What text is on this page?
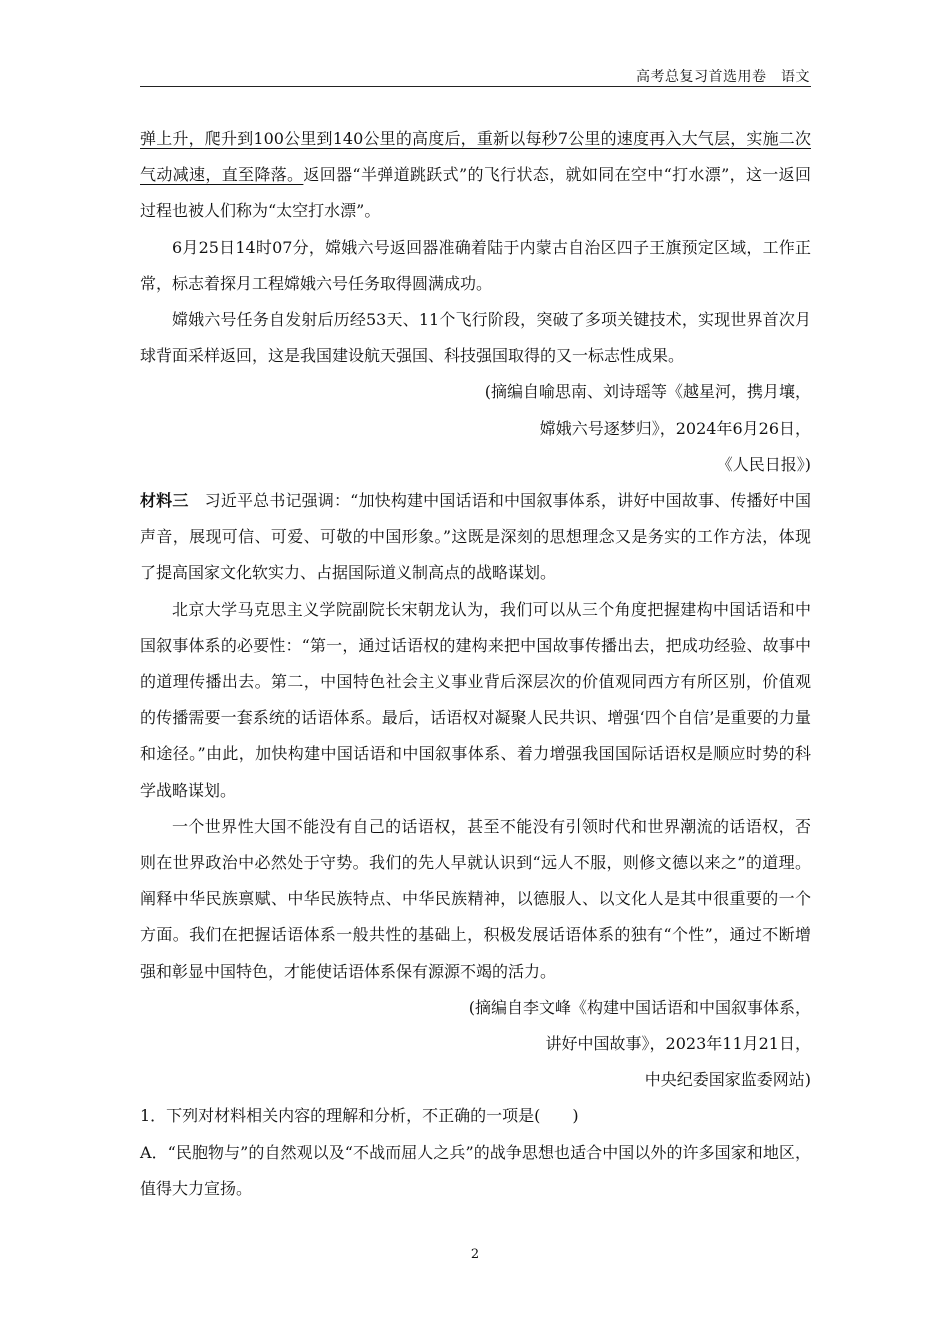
高考总复习首选用卷　语文

弹上升，爬升到100公里到140公里的高度后，重新以每秒7公里的速度再入大气层，实施二次气动减速，直至降落。返回器“半弹道跳跃式”的飞行状态，就如同在空中“打水漂”，这一返回过程也被人们称为“太空打水漂”。

6月25日14时07分，嫦娥六号返回器准确着陆于内蒙古自治区四子王旗预定区域，工作正常，标志着探月工程嫦娥六号任务取得圆满成功。

嫦娥六号任务自发射后历经53天、11个飞行阶段，突破了多项关键技术，实现世界首次月球背面采样返回，这是我国建设航天强国、科技强国取得的又一标志性成果。

(摘编自喻思南、刘诗瑶等《越星河，携月壤，

嫦娥六号逐梦归》，2024年6月26日，

《人民日报》)

材料三　习近平总书记强调：“加快构建中国话语和中国叙事体系，讲好中国故事、传播好中国声音，展现可信、可爱、可敬的中国形象。”这既是深刻的思想理念又是务实的工作方法，体现了提高国家文化软实力、占据国际道义制高点的战略谋划。

北京大学马克思主义学院副院长宋朝龙认为，我们可以从三个角度把握建构中国话语和中国叙事体系的必要性：“第一，通过话语权的建构来把中国故事传播出去，把成功经验、故事中的道理传播出去。第二，中国特色社会主义事业背后深层次的价值观同西方有所区别，价值观的传播需要一套系统的话语体系。最后，话语权对凝聚人民共识、增强‘四个自信’是重要的力量和途径。”由此，加快构建中国话语和中国叙事体系、着力增强我国国际话语权是顺应时势的科学战略谋划。

一个世界性大国不能没有自己的话语权，甚至不能没有引领时代和世界潮流的话语权，否则在世界政治中必然处于守势。我们的先人早就认识到“远人不服，则修文德以来之”的道理。阐释中华民族禀赋、中华民族特点、中华民族精神，以德服人、以文化人是其中很重要的一个方面。我们在把握话语体系一般共性的基础上，积极发展话语体系的独有“个性”，通过不断增强和彰显中国特色，才能使话语体系保有源源不竭的活力。

(摘编自李文峰《构建中国话语和中国叙事体系，

讲好中国故事》，2023年11月21日，

中央纪委国家监委网站)

1．下列对材料相关内容的理解和分析，不正确的一项是(　　)

A．“民胞物与”的自然观以及“不战而屈人之兵”的战争思想也适合中国以外的许多国家和地区，值得大力宣扬。

2
